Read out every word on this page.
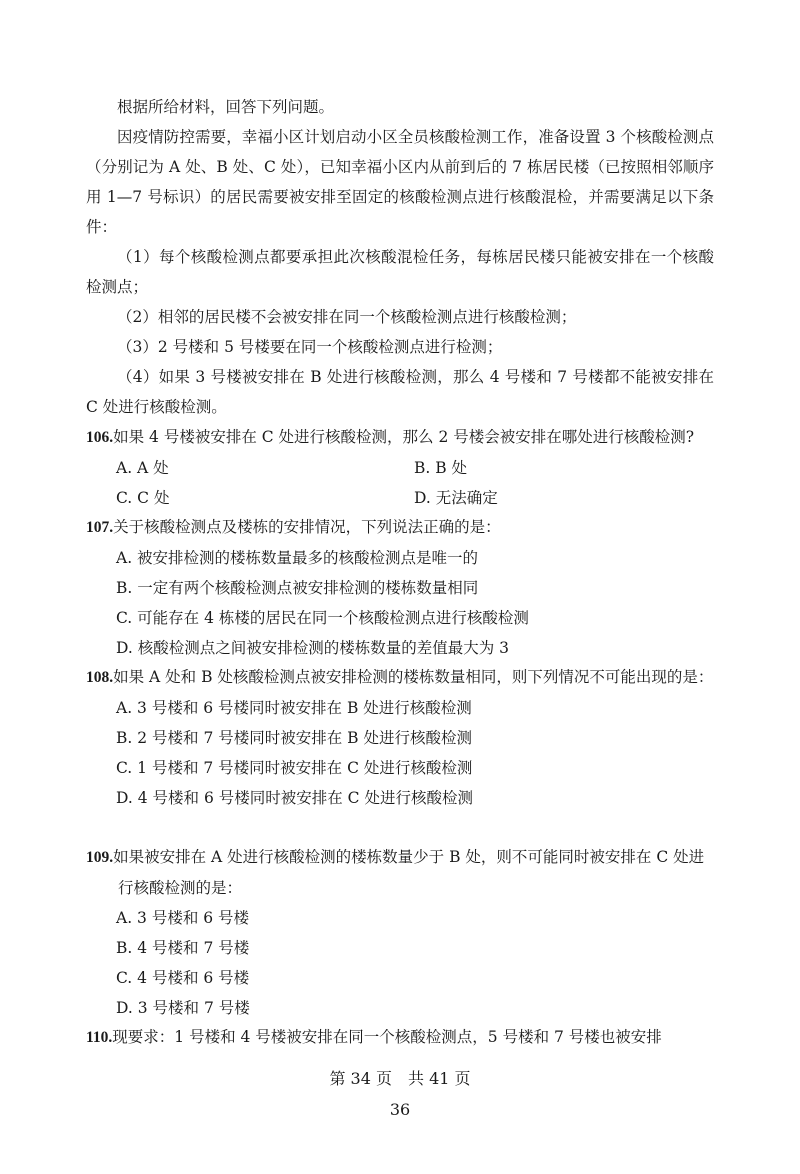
根据所给材料，回答下列问题。

因疫情防控需要，幸福小区计划启动小区全员核酸检测工作，准备设置 3 个核酸检测点（分别记为 A 处、B 处、C 处），已知幸福小区内从前到后的 7 栋居民楼（已按照相邻顺序用 1—7 号标识）的居民需要被安排至固定的核酸检测点进行核酸混检，并需要满足以下条件：

（1）每个核酸检测点都要承担此次核酸混检任务，每栋居民楼只能被安排在一个核酸检测点；

（2）相邻的居民楼不会被安排在同一个核酸检测点进行核酸检测；

（3）2 号楼和 5 号楼要在同一个核酸检测点进行检测；

（4）如果 3 号楼被安排在 B 处进行核酸检测，那么 4 号楼和 7 号楼都不能被安排在 C 处进行核酸检测。

106.如果 4 号楼被安排在 C 处进行核酸检测，那么 2 号楼会被安排在哪处进行核酸检测?

A. A 处	B. B 处
C. C 处	D. 无法确定

107.关于核酸检测点及楼栋的安排情况，下列说法正确的是：

A. 被安排检测的楼栋数量最多的核酸检测点是唯一的
B. 一定有两个核酸检测点被安排检测的楼栋数量相同
C. 可能存在 4 栋楼的居民在同一个核酸检测点进行核酸检测
D. 核酸检测点之间被安排检测的楼栋数量的差值最大为 3

108.如果 A 处和 B 处核酸检测点被安排检测的楼栋数量相同，则下列情况不可能出现的是：

A. 3 号楼和 6 号楼同时被安排在 B 处进行核酸检测
B. 2 号楼和 7 号楼同时被安排在 B 处进行核酸检测
C. 1 号楼和 7 号楼同时被安排在 C 处进行核酸检测
D. 4 号楼和 6 号楼同时被安排在 C 处进行核酸检测

109.如果被安排在 A 处进行核酸检测的楼栋数量少于 B 处，则不可能同时被安排在 C 处进行核酸检测的是：

A. 3 号楼和 6 号楼
B. 4 号楼和 7 号楼
C. 4 号楼和 6 号楼
D. 3 号楼和 7 号楼

110.现要求：1 号楼和 4 号楼被安排在同一个核酸检测点，5 号楼和 7 号楼也被安排

第 34 页　共 41 页
36
